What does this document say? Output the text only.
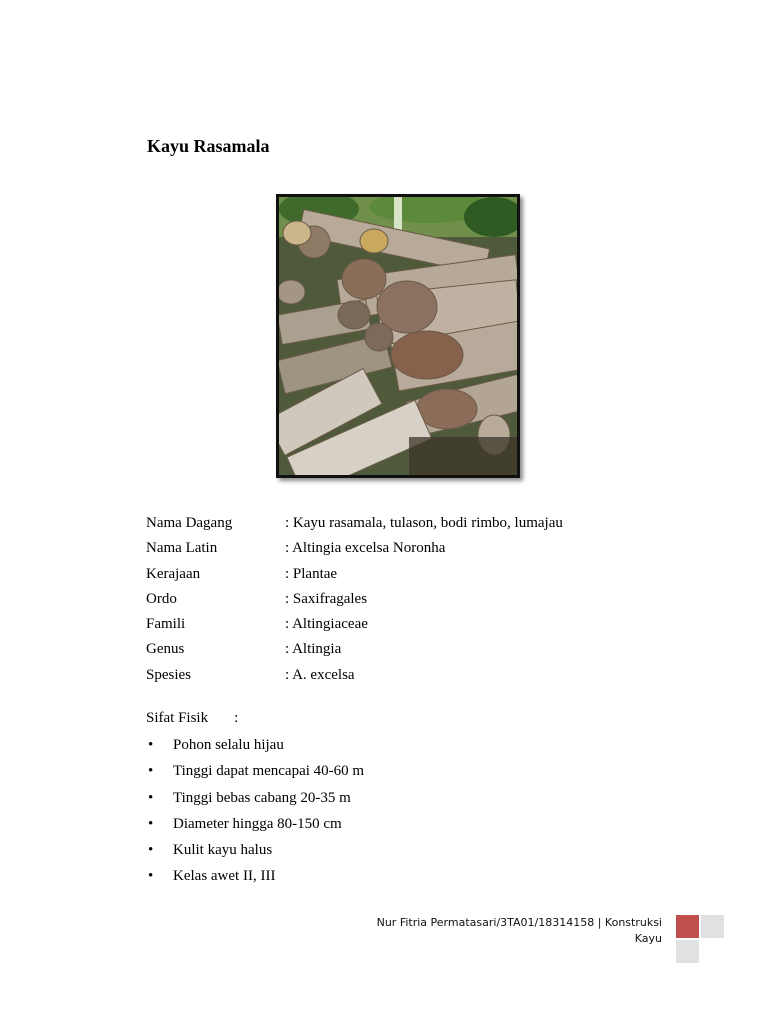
Kayu Rasamala
Nama Dagang	: Kayu rasamala, tulason, bodi rimbo, lumajau
Nama Latin	: Altingia excelsa Noronha
Kerajaan	: Plantae
Ordo	: Saxifragales
Famili	: Altingiaceae
Genus	: Altingia
Spesies	: A. excelsa
Sifat Fisik :
•	Pohon selalu hijau
•	Tinggi dapat mencapai 40-60 m
•	Tinggi bebas cabang 20-35 m
•	Diameter hingga 80-150 cm
•	Kulit kayu halus
•	Kelas awet II, III
Nur Fitria Permatasari/3TA01/18314158 | Konstruksi
Kayu
